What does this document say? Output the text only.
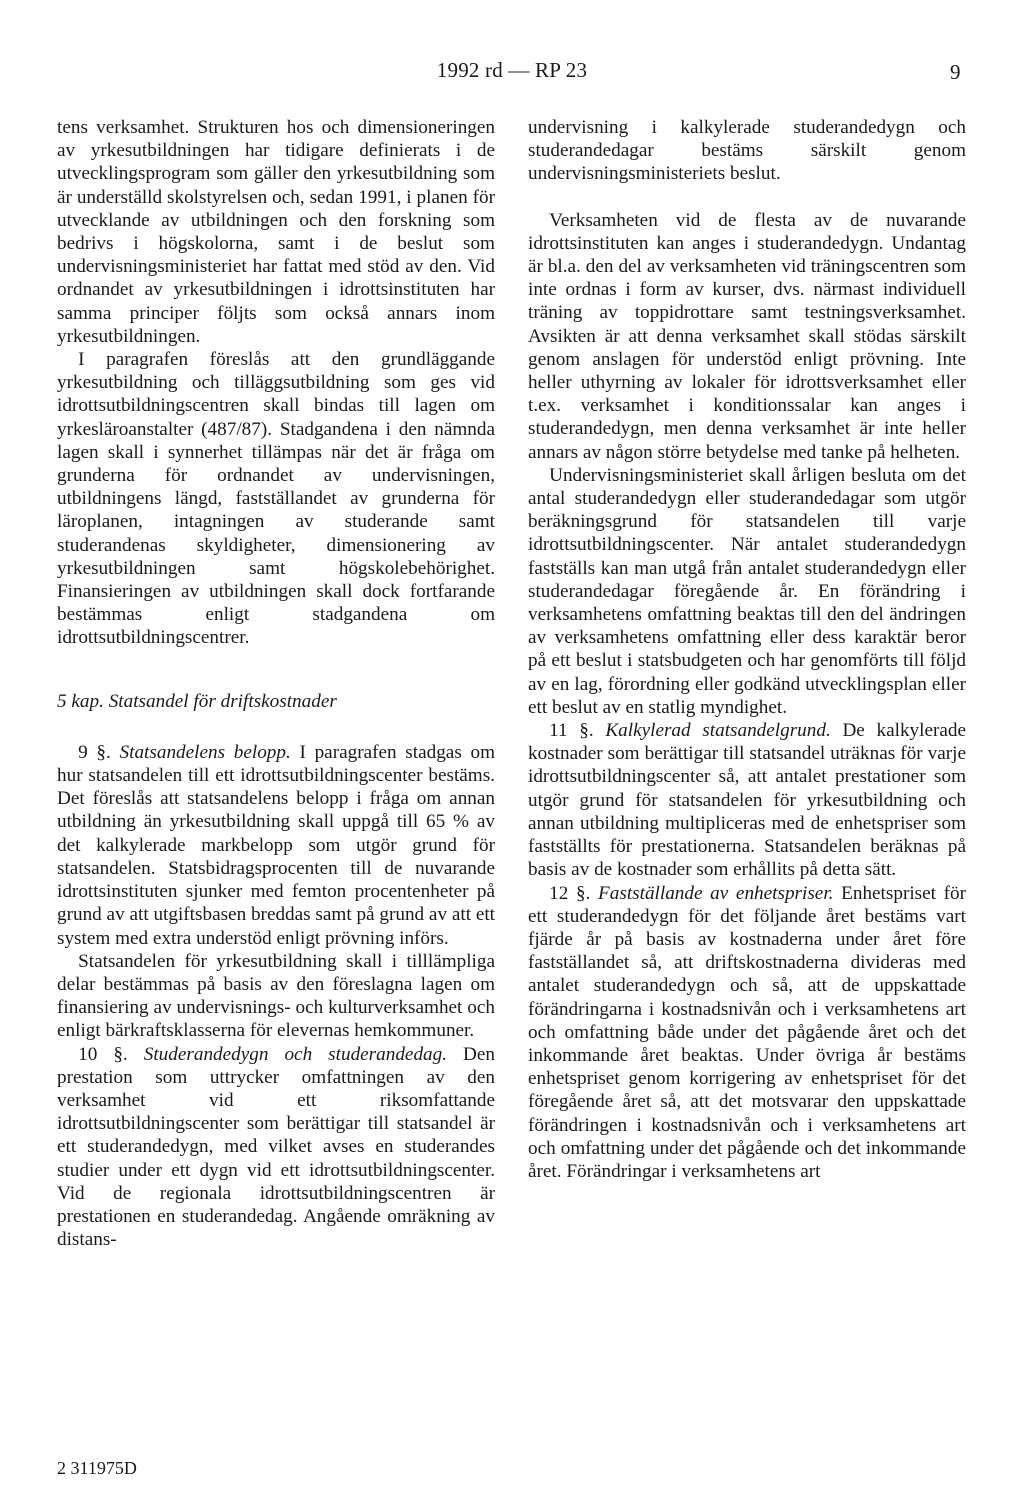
1992 rd — RP 23	9

tens verksamhet. Strukturen hos och dimensioneringen av yrkesutbildningen har tidigare definierats i de utvecklingsprogram som gäller den yrkesutbildning som är underställd skolstyrelsen och, sedan 1991, i planen för utvecklande av utbildningen och den forskning som bedrivs i högskolorna, samt i de beslut som undervisningsministeriet har fattat med stöd av den. Vid ordnandet av yrkesutbildningen i idrottsinstituten har samma principer följts som också annars inom yrkesutbildningen.

I paragrafen föreslås att den grundläggande yrkesutbildning och tilläggsutbildning som ges vid idrottsutbildningscentren skall bindas till lagen om yrkesläroanstalter (487/87). Stadgandena i den nämnda lagen skall i synnerhet tillämpas när det är fråga om grunderna för ordnandet av undervisningen, utbildningens längd, fastställandet av grunderna för läroplanen, intagningen av studerande samt studerandenas skyldigheter, dimensionering av yrkesutbildningen samt högskolebehörighet. Finansieringen av utbildningen skall dock fortfarande bestämmas enligt stadgandena om idrottsutbildningscentrer.

5 kap. Statsandel för driftskostnader

9 §. Statsandelens belopp. I paragrafen stadgas om hur statsandelen till ett idrottsutbildningscenter bestäms. Det föreslås att statsandelens belopp i fråga om annan utbildning än yrkesutbildning skall uppgå till 65 % av det kalkylerade markbelopp som utgör grund för statsandelen. Statsbidragsprocenten till de nuvarande idrottsinstituten sjunker med femton procentenheter på grund av att utgiftsbasen breddas samt på grund av att ett system med extra understöd enligt prövning införs.

Statsandelen för yrkesutbildning skall i tilllämpliga delar bestämmas på basis av den föreslagna lagen om finansiering av undervisnings- och kulturverksamhet och enligt bärkraftsklasserna för elevernas hemkommuner.

10 §. Studerandedygn och studerandedag. Den prestation som uttrycker omfattningen av den verksamhet vid ett riksomfattande idrottsutbildningscenter som berättigar till statsandel är ett studerandedygn, med vilket avses en studerandes studier under ett dygn vid ett idrottsutbildningscenter. Vid de regionala idrottsutbildningscentren är prestationen en studerandedag. Angående omräkning av distans-

undervisning i kalkylerade studerandedygn och studerandedagar bestäms särskilt genom undervisningsministeriets beslut.

Verksamheten vid de flesta av de nuvarande idrottsinstituten kan anges i studerandedygn. Undantag är bl.a. den del av verksamheten vid träningscentren som inte ordnas i form av kurser, dvs. närmast individuell träning av toppidrottare samt testningsverksamhet. Avsikten är att denna verksamhet skall stödas särskilt genom anslagen för understöd enligt prövning. Inte heller uthyrning av lokaler för idrottsverksamhet eller t.ex. verksamhet i konditionssalar kan anges i studerandedygn, men denna verksamhet är inte heller annars av någon större betydelse med tanke på helheten.

Undervisningsministeriet skall årligen besluta om det antal studerandedygn eller studerandedagar som utgör beräkningsgrund för statsandelen till varje idrottsutbildningscenter. När antalet studerandedygn fastställs kan man utgå från antalet studerandedygn eller studerandedagar föregående år. En förändring i verksamhetens omfattning beaktas till den del ändringen av verksamhetens omfattning eller dess karaktär beror på ett beslut i statsbudgeten och har genomförts till följd av en lag, förordning eller godkänd utvecklingsplan eller ett beslut av en statlig myndighet.

11 §. Kalkylerad statsandelgrund. De kalkylerade kostnader som berättigar till statsandel uträknas för varje idrottsutbildningscenter så, att antalet prestationer som utgör grund för statsandelen för yrkesutbildning och annan utbildning multipliceras med de enhetspriser som fastställts för prestationerna. Statsandelen beräknas på basis av de kostnader som erhållits på detta sätt.

12 §. Fastställande av enhetspriser. Enhetspriset för ett studerandedygn för det följande året bestäms vart fjärde år på basis av kostnaderna under året före fastställandet så, att driftskostnaderna divideras med antalet studerandedygn och så, att de uppskattade förändringarna i kostnadsnivån och i verksamhetens art och omfattning både under det pågående året och det inkommande året beaktas. Under övriga år bestäms enhetspriset genom korrigering av enhetspriset för det föregående året så, att det motsvarar den uppskattade förändringen i kostnadsnivån och i verksamhetens art och omfattning under det pågående och det inkommande året. Förändringar i verksamhetens art

2 311975D
